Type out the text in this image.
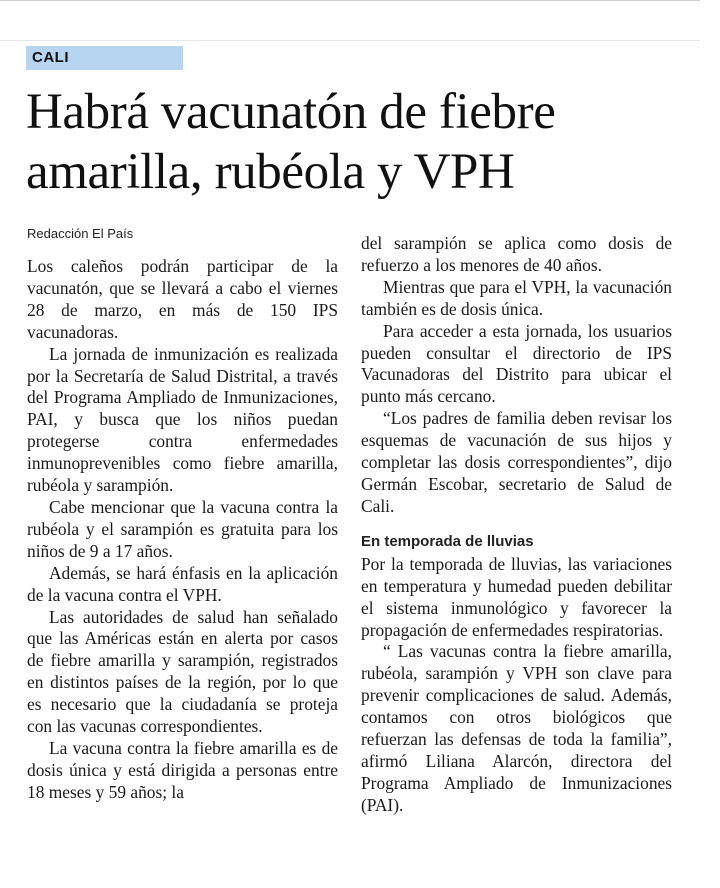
CALI
Habrá vacunatón de fiebre amarilla, rubéola y VPH
Redacción El País

Los caleños podrán participar de la vacunatón, que se llevará a cabo el viernes 28 de marzo, en más de 150 IPS vacunadoras.

La jornada de inmunización es realizada por la Secretaría de Salud Distrital, a través del Programa Ampliado de Inmunizaciones, PAI, y busca que los niños puedan protegerse contra enfermedades inmunoprevenibles como fiebre amarilla, rubéola y sarampión.

Cabe mencionar que la vacuna contra la rubéola y el sarampión es gratuita para los niños de 9 a 17 años.

Además, se hará énfasis en la aplicación de la vacuna contra el VPH.

Las autoridades de salud han señalado que las Américas están en alerta por casos de fiebre amarilla y sarampión, registrados en distintos países de la región, por lo que es necesario que la ciudadanía se proteja con las vacunas correspondientes.

La vacuna contra la fiebre amarilla es de dosis única y está dirigida a personas entre 18 meses y 59 años; la

del sarampión se aplica como dosis de refuerzo a los menores de 40 años.

Mientras que para el VPH, la vacunación también es de dosis única.

Para acceder a esta jornada, los usuarios pueden consultar el directorio de IPS Vacunadoras del Distrito para ubicar el punto más cercano.

“Los padres de familia deben revisar los esquemas de vacunación de sus hijos y completar las dosis correspondientes”, dijo Germán Escobar, secretario de Salud de Cali.

En temporada de lluvias

Por la temporada de lluvias, las variaciones en temperatura y humedad pueden debilitar el sistema inmunológico y favorecer la propagación de enfermedades respiratorias.

“ Las vacunas contra la fiebre amarilla, rubéola, sarampión y VPH son clave para prevenir complicaciones de salud. Además, contamos con otros biológicos que refuerzan las defensas de toda la familia”, afirmó Liliana Alarcón, directora del Programa Ampliado de Inmunizaciones (PAI).
